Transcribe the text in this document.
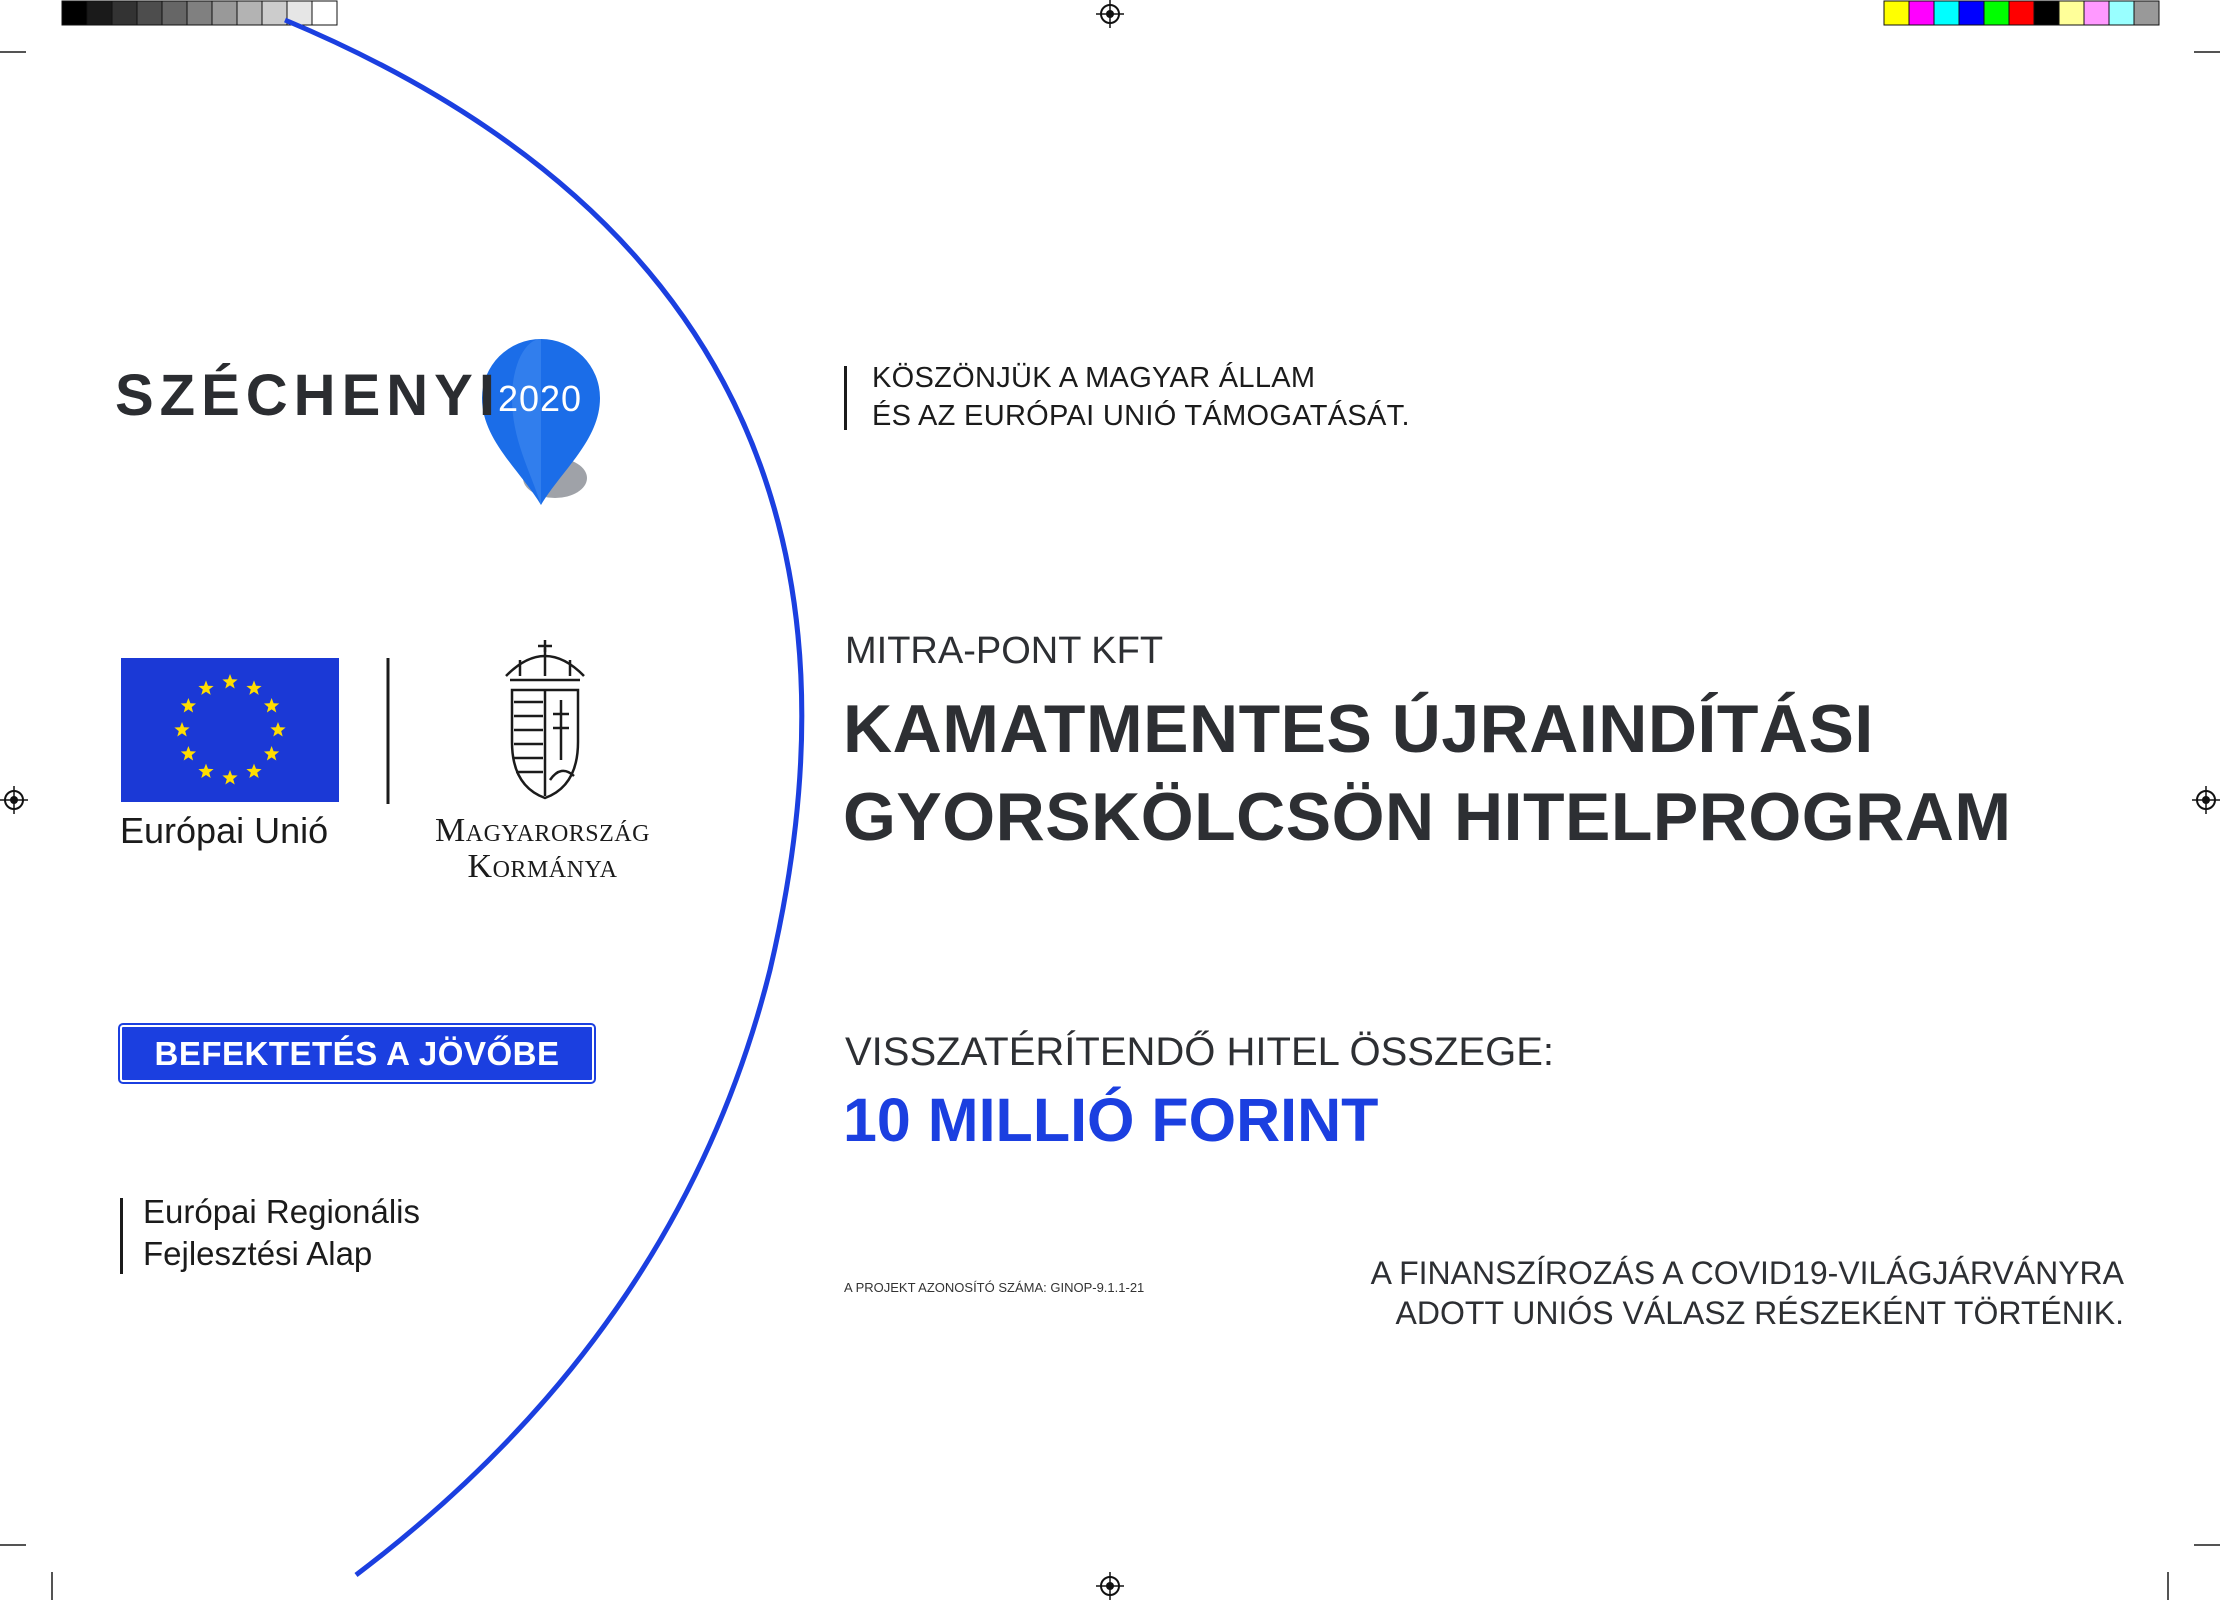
SZÉCHENYI
2020
Európai Unió	Magyarország
Kormánya
BEFEKTETÉS A JÖVŐBE
Európai Regionális
Fejlesztési Alap
KÖSZÖNJÜK A MAGYAR ÁLLAM
ÉS AZ EURÓPAI UNIÓ TÁMOGATÁSÁT.
MITRA-PONT KFT
KAMATMENTES ÚJRAINDÍTÁSI
GYORSKÖLCSÖN HITELPROGRAM
VISSZATÉRÍTENDŐ HITEL ÖSSZEGE:
10 MILLIÓ FORINT
A PROJEKT AZONOSÍTÓ SZÁMA: GINOP-9.1.1-21	A FINANSZÍROZÁS A COVID19-VILÁGJÁRVÁNYRA
ADOTT UNIÓS VÁLASZ RÉSZEKÉNT TÖRTÉNIK.
